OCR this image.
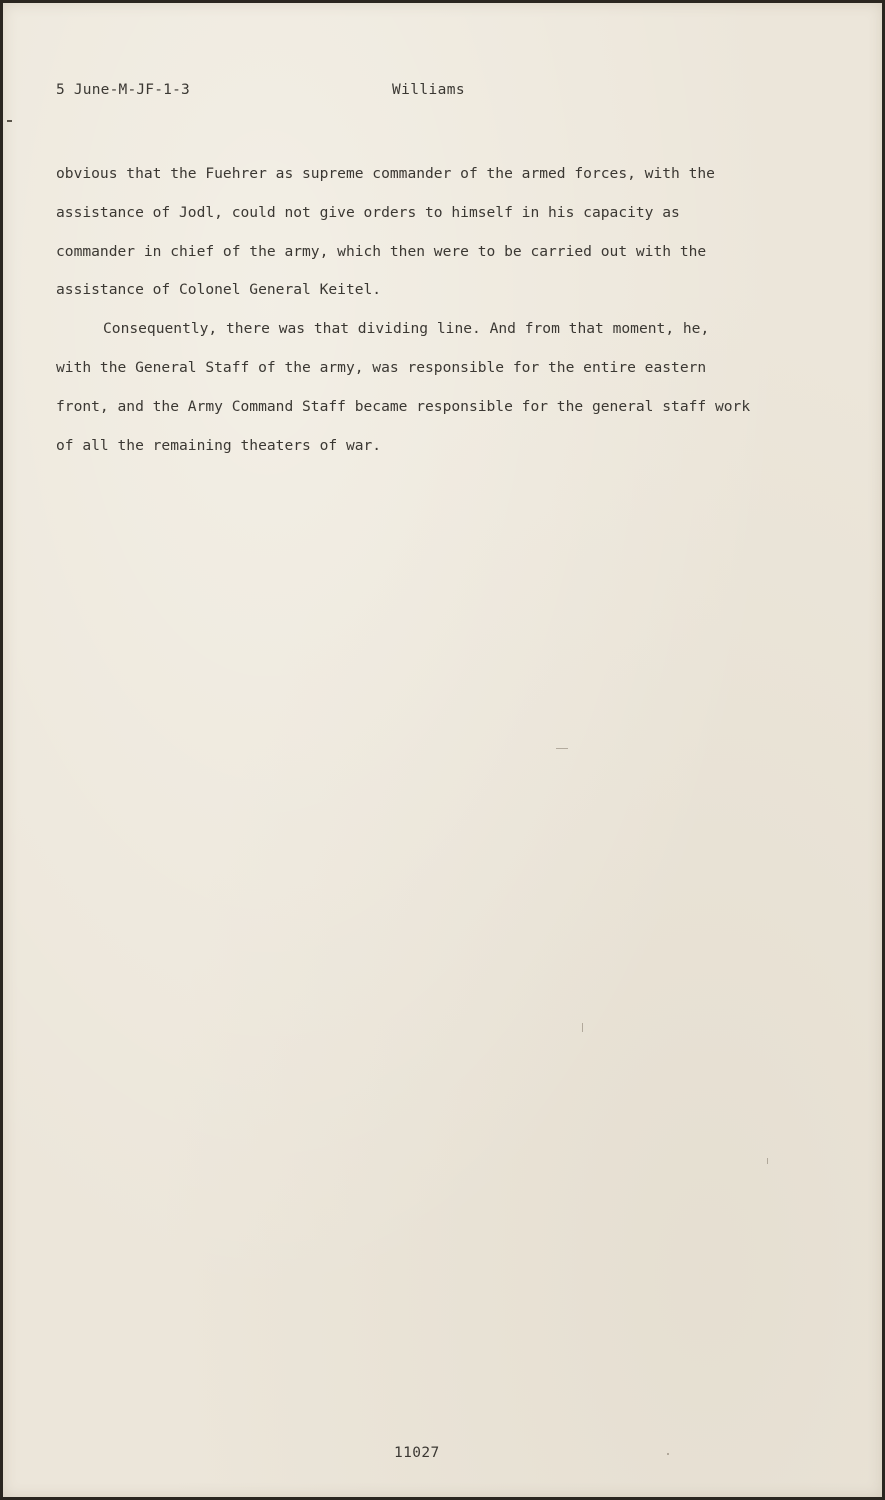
5 June-M-JF-1-3	Williams
obvious that the Fuehrer as supreme commander of the armed forces, with the
assistance of Jodl, could not give orders to himself in his capacity as
commander in chief of the army, which then were to be carried out with the
assistance of Colonel General Keitel.
Consequently, there was that dividing line. And from that moment, he,
with the General Staff of the army, was responsible for the entire eastern
front, and the Army Command Staff became responsible for the general staff work
of all the remaining theaters of war.
11027
